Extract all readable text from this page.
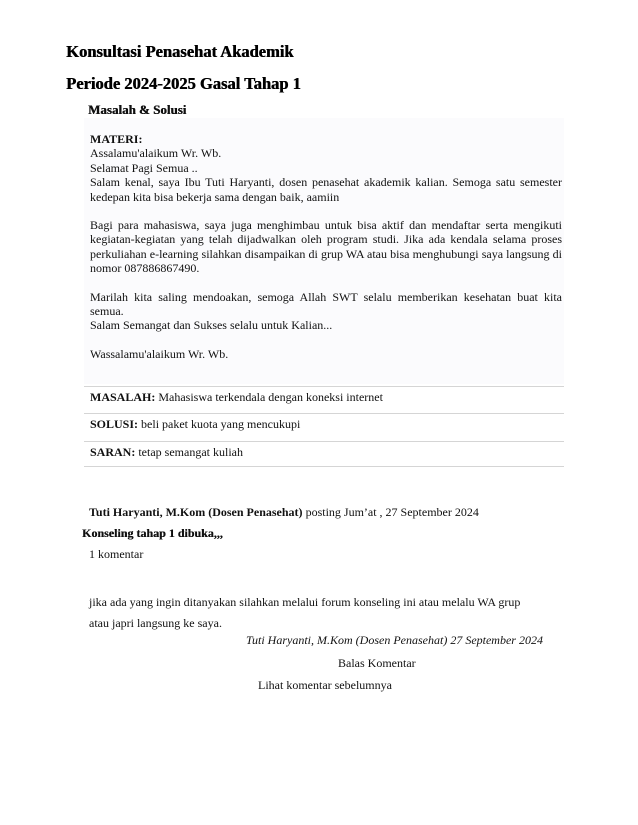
Konsultasi Penasehat Akademik
Periode 2024-2025 Gasal Tahap 1
Masalah & Solusi

MATERI:

Assalamu'alaikum Wr. Wb.

Selamat Pagi Semua ..

Salam kenal, saya Ibu Tuti Haryanti, dosen penasehat akademik kalian. Semoga satu semester kedepan kita bisa bekerja sama dengan baik, aamiin

Bagi para mahasiswa, saya juga menghimbau untuk bisa aktif dan mendaftar serta mengikuti kegiatan-kegiatan yang telah dijadwalkan oleh program studi. Jika ada kendala selama proses perkuliahan e-learning silahkan disampaikan di grup WA atau bisa menghubungi saya langsung di nomor 087886867490.

Marilah kita saling mendoakan, semoga Allah SWT selalu memberikan kesehatan buat kita semua.

Salam Semangat dan Sukses selalu untuk Kalian...

Wassalamu'alaikum Wr. Wb.

MASALAH: Mahasiswa terkendala dengan koneksi internet
SOLUSI: beli paket kuota yang mencukupi
SARAN: tetap semangat kuliah
Tuti Haryanti, M.Kom (Dosen Penasehat) posting Jum’at , 27 September 2024
Konseling tahap 1 dibuka,,,
1 komentar
jika ada yang ingin ditanyakan silahkan melalui forum konseling ini atau melalu WA grup
atau japri langsung ke saya.
Tuti Haryanti, M.Kom (Dosen Penasehat) 27 September 2024
Balas Komentar
Lihat komentar sebelumnya
